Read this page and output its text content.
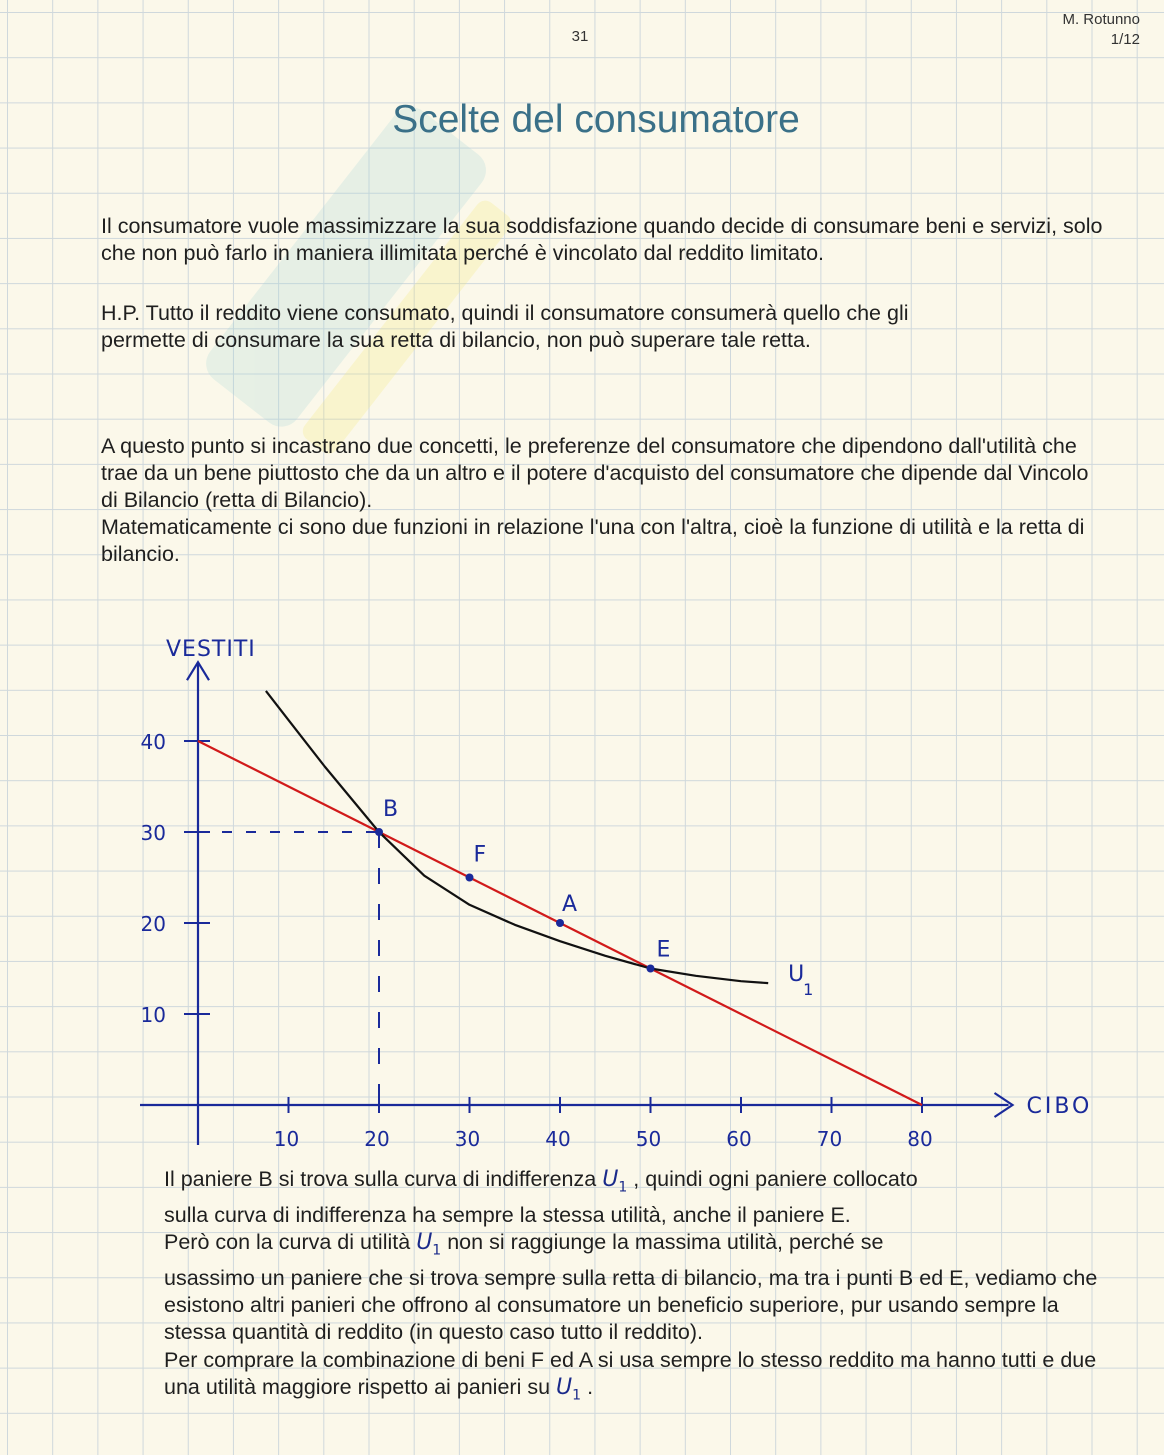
31
M. Rotunno
1/12
Scelte del consumatore

Il consumatore vuole massimizzare la sua soddisfazione quando decide di consumare beni e servizi, solo che non può farlo in maniera illimitata perché è vincolato dal reddito limitato.

H.P. Tutto il reddito viene consumato, quindi il consumatore consumerà quello che gli permette di consumare la sua retta di bilancio, non può superare tale retta.

A questo punto si incastrano due concetti, le preferenze del consumatore che dipendono dall'utilità che trae da un bene piuttosto che da un altro e il potere d'acquisto del consumatore che dipende dal Vincolo di Bilancio (retta di Bilancio).
Matematicamente ci sono due funzioni in relazione l'una con l'altra, cioè la funzione di utilità e la retta di bilancio.
10	20	30	40	50	60	70	80
10
20
30
40
VESTITI
CIBO
B
F
A
E
U
1

Il paniere B si trova sulla curva di indifferenza $U_1$ , quindi ogni paniere collocato

sulla curva di indifferenza ha sempre la stessa utilità, anche il paniere E.

Però con la curva di utilità $U_1$ non si raggiunge la massima utilità, perché se

usassimo un paniere che si trova sempre sulla retta di bilancio, ma tra i punti B ed E, vediamo che esistono altri panieri che offrono al consumatore un beneficio superiore, pur usando sempre la stessa quantità di reddito (in questo caso tutto il reddito).

Per comprare la combinazione di beni F ed A si usa sempre lo stesso reddito ma hanno tutti e due una utilità maggiore rispetto ai panieri su $U_1$ .
